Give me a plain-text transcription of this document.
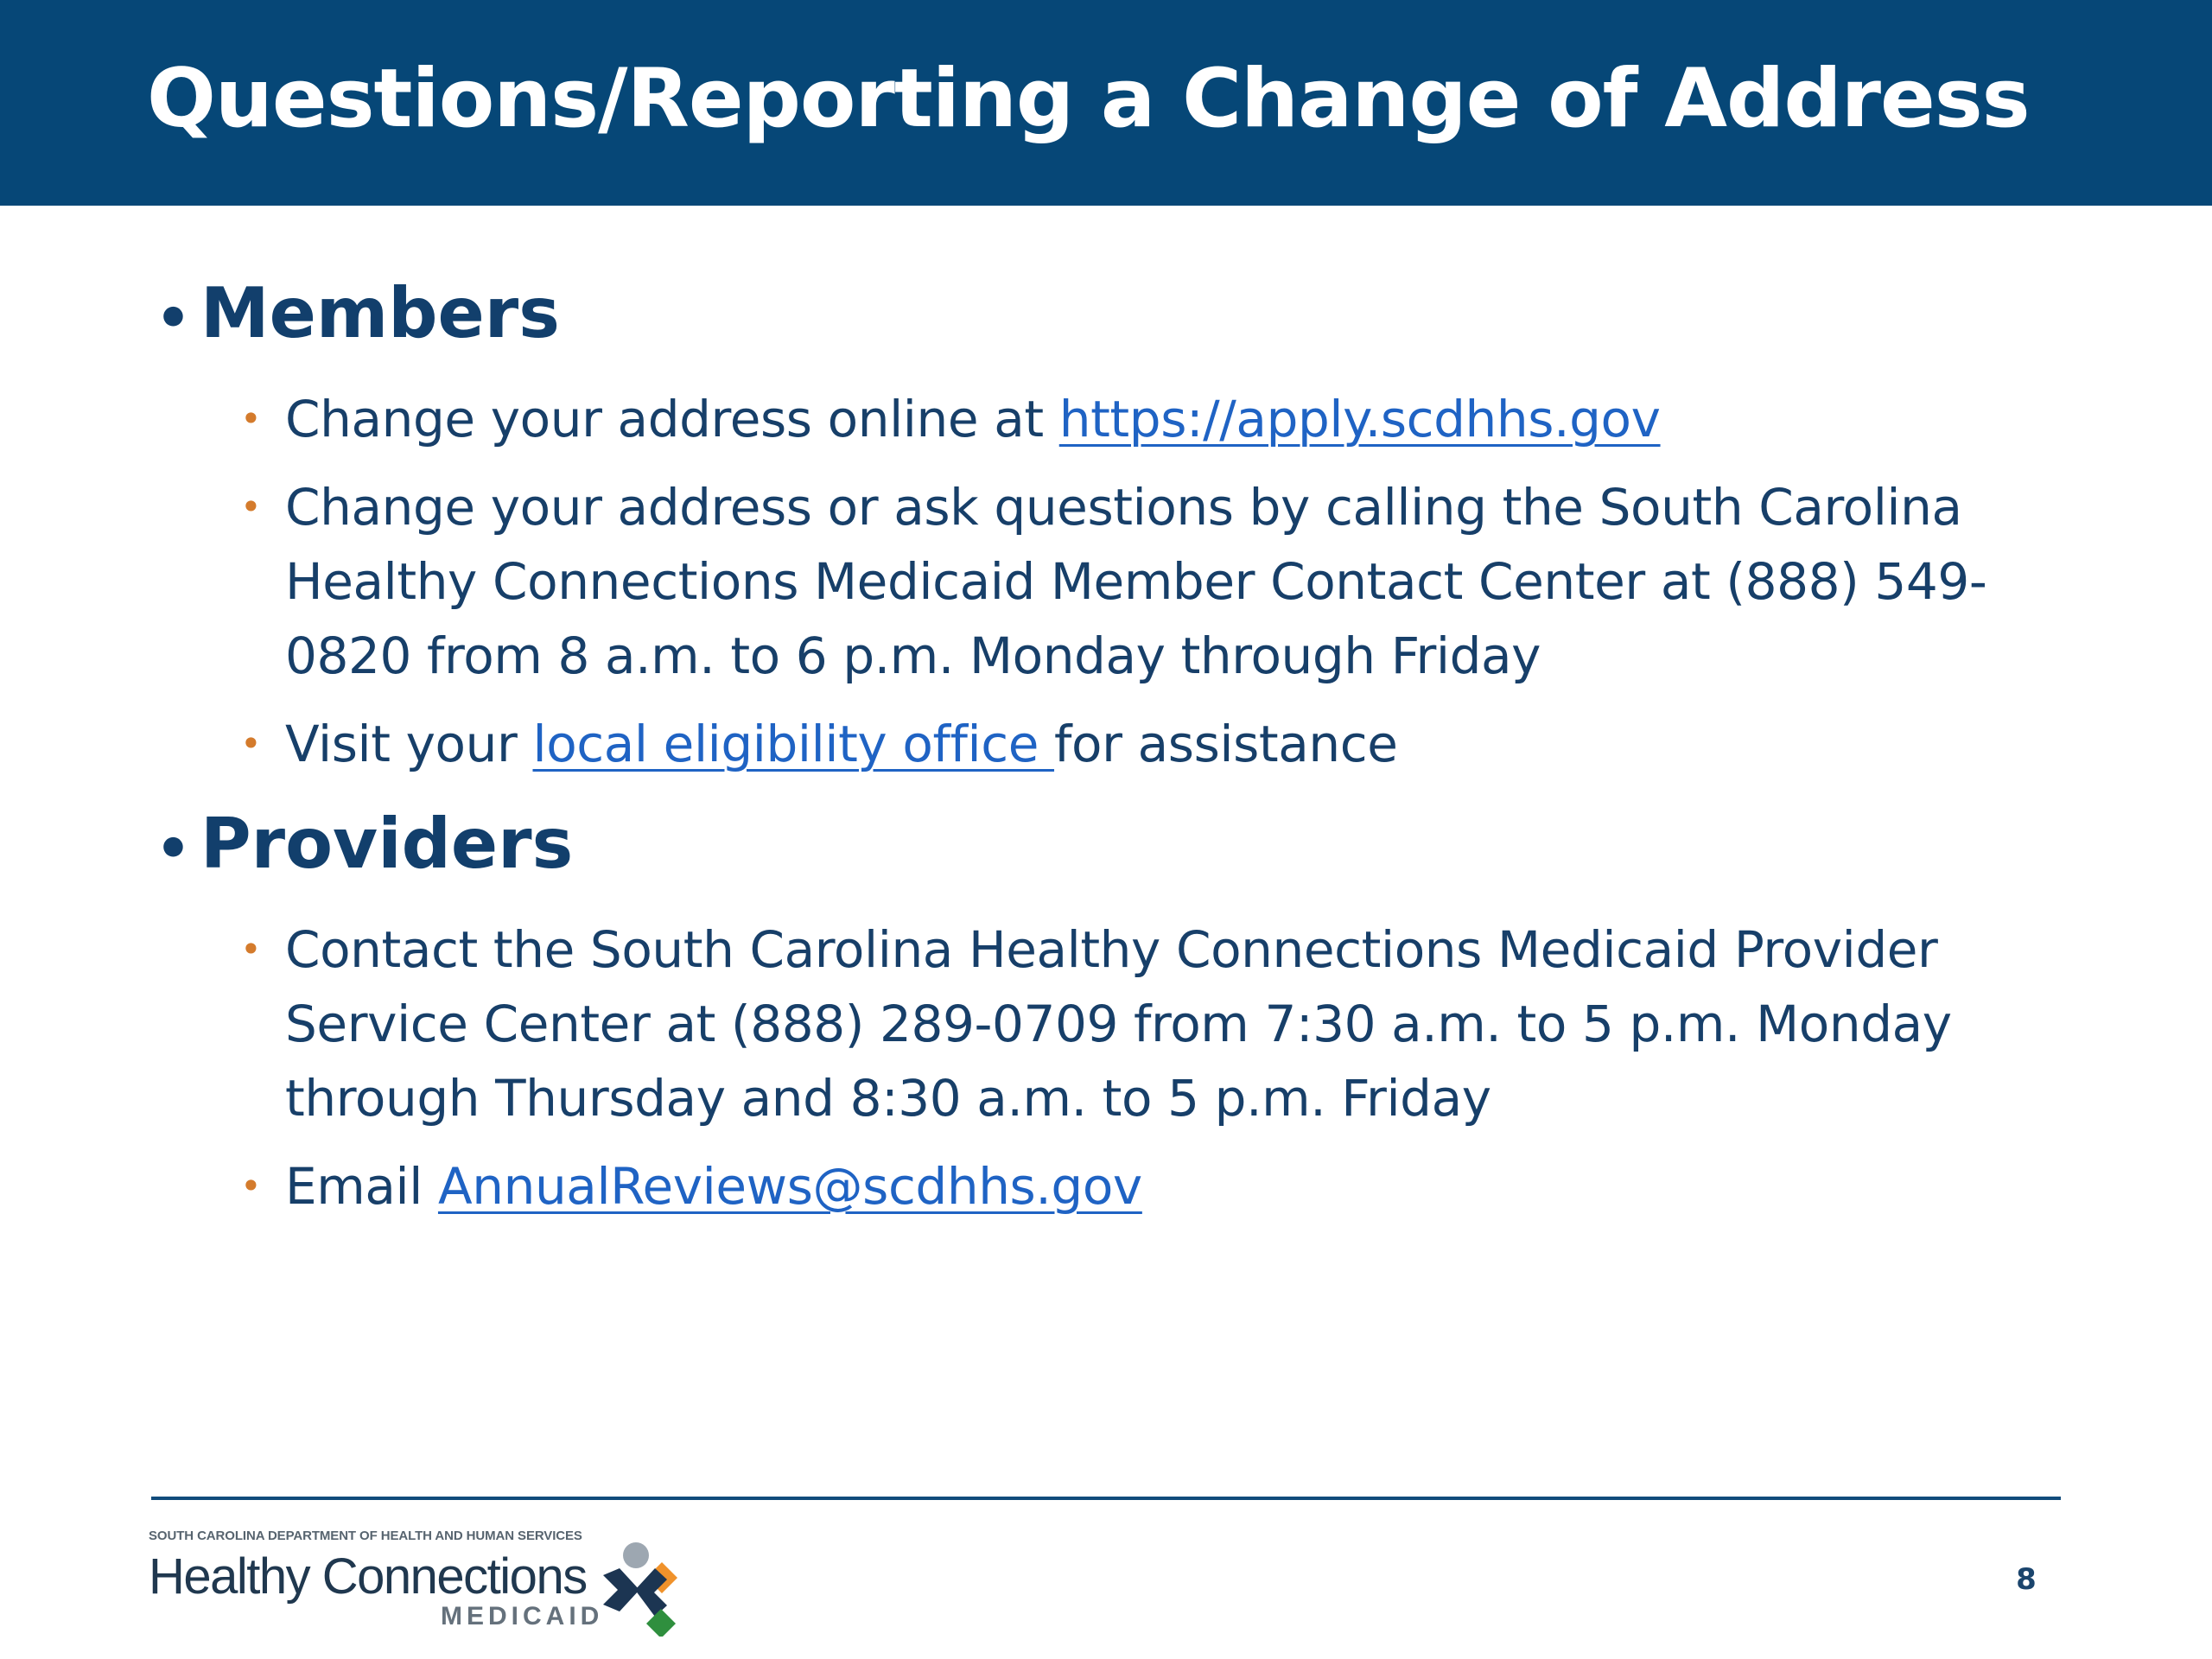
Questions/Reporting a Change of Address
• Members
• Change your address online at https://apply.scdhhs.gov
• Change your address or ask questions by calling the South Carolina
Healthy Connections Medicaid Member Contact Center at (888) 549-
0820 from 8 a.m. to 6 p.m. Monday through Friday
• Visit your local eligibility office for assistance
• Providers
• Contact the South Carolina Healthy Connections Medicaid Provider
Service Center at (888) 289-0709 from 7:30 a.m. to 5 p.m. Monday
through Thursday and 8:30 a.m. to 5 p.m. Friday
• Email AnnualReviews@scdhhs.gov
SOUTH CAROLINA DEPARTMENT OF HEALTH AND HUMAN SERVICES
Healthy Connections
MEDICAID
8
